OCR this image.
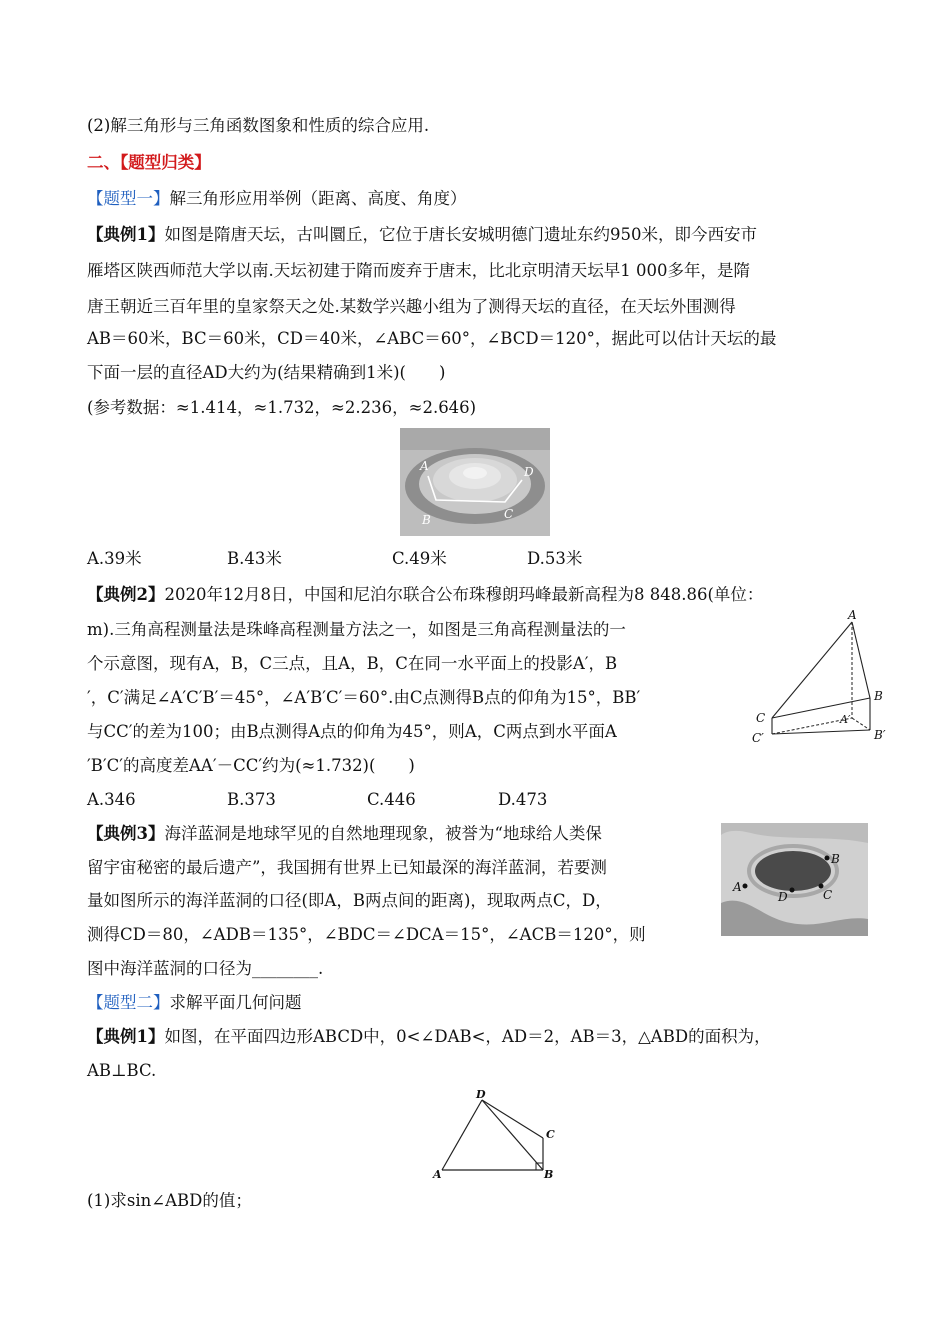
(2)解三角形与三角函数图象和性质的综合应用.
二、【题型归类】
【题型一】解三角形应用举例（距离、高度、角度）
【典例1】如图是隋唐天坛，古叫圜丘，它位于唐长安城明德门遗址东约950米，即今西安市
雁塔区陕西师范大学以南.天坛初建于隋而废弃于唐末，比北京明清天坛早1 000多年，是隋
唐王朝近三百年里的皇家祭天之处.某数学兴趣小组为了测得天坛的直径，在天坛外围测得
AB＝60米，BC＝60米，CD＝40米，∠ABC＝60°，∠BCD＝120°，据此可以估计天坛的最
下面一层的直径AD大约为(结果精确到1米)(　　)
(参考数据：≈1.414，≈1.732，≈2.236，≈2.646)
A
B	C
D
A.39米	B.43米	C.49米	D.53米
【典例2】2020年12月8日，中国和尼泊尔联合公布珠穆朗玛峰最新高程为8 848.86(单位：
m).三角高程测量法是珠峰高程测量方法之一，如图是三角高程测量法的一
个示意图，现有A，B，C三点，且A，B，C在同一水平面上的投影A′，B
′，C′满足∠A′C′B′＝45°，∠A′B′C′＝60°.由C点测得B点的仰角为15°，BB′
与CC′的差为100；由B点测得A点的仰角为45°，则A，C两点到水平面A
′B′C′的高度差AA′－CC′约为(≈1.732)(　　)
A
B
C	A′
B′
C′
A.346	B.373	C.446	D.473
【典例3】海洋蓝洞是地球罕见的自然地理现象，被誉为“地球给人类保
留宇宙秘密的最后遗产”，我国拥有世界上已知最深的海洋蓝洞，若要测
量如图所示的海洋蓝洞的口径(即A，B两点间的距离)，现取两点C，D，
测得CD＝80，∠ADB＝135°，∠BDC＝∠DCA＝15°，∠ACB＝120°，则
图中海洋蓝洞的口径为________.
A
B
C
D
【题型二】求解平面几何问题
【典例1】如图，在平面四边形ABCD中，0<∠DAB<，AD＝2，AB＝3，△ABD的面积为，
AB⊥BC.
A	B
C
D
(1)求sin∠ABD的值；
